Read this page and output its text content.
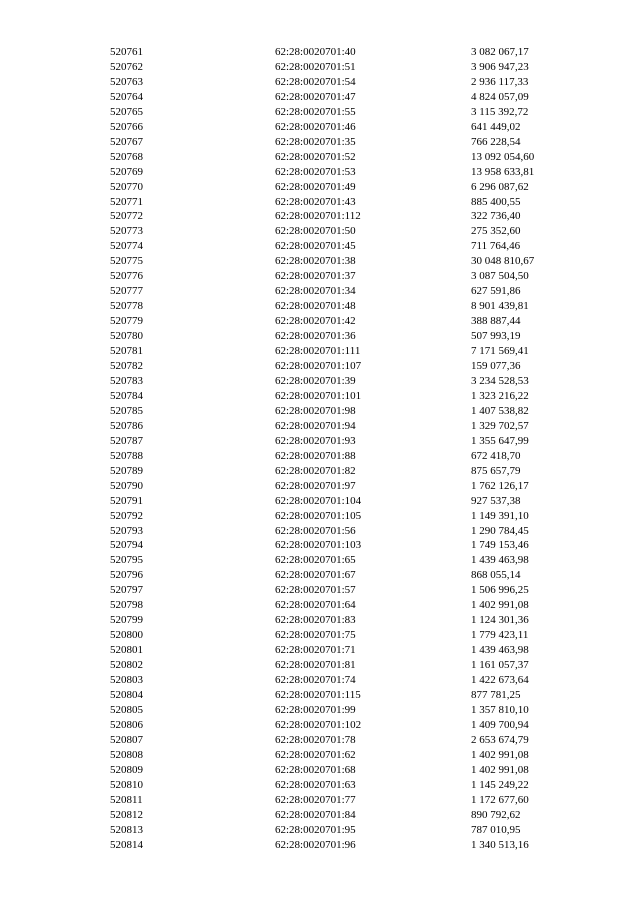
520761	62:28:0020701:40	3 082 067,17
520762	62:28:0020701:51	3 906 947,23
520763	62:28:0020701:54	2 936 117,33
520764	62:28:0020701:47	4 824 057,09
520765	62:28:0020701:55	3 115 392,72
520766	62:28:0020701:46	641 449,02
520767	62:28:0020701:35	766 228,54
520768	62:28:0020701:52	13 092 054,60
520769	62:28:0020701:53	13 958 633,81
520770	62:28:0020701:49	6 296 087,62
520771	62:28:0020701:43	885 400,55
520772	62:28:0020701:112	322 736,40
520773	62:28:0020701:50	275 352,60
520774	62:28:0020701:45	711 764,46
520775	62:28:0020701:38	30 048 810,67
520776	62:28:0020701:37	3 087 504,50
520777	62:28:0020701:34	627 591,86
520778	62:28:0020701:48	8 901 439,81
520779	62:28:0020701:42	388 887,44
520780	62:28:0020701:36	507 993,19
520781	62:28:0020701:111	7 171 569,41
520782	62:28:0020701:107	159 077,36
520783	62:28:0020701:39	3 234 528,53
520784	62:28:0020701:101	1 323 216,22
520785	62:28:0020701:98	1 407 538,82
520786	62:28:0020701:94	1 329 702,57
520787	62:28:0020701:93	1 355 647,99
520788	62:28:0020701:88	672 418,70
520789	62:28:0020701:82	875 657,79
520790	62:28:0020701:97	1 762 126,17
520791	62:28:0020701:104	927 537,38
520792	62:28:0020701:105	1 149 391,10
520793	62:28:0020701:56	1 290 784,45
520794	62:28:0020701:103	1 749 153,46
520795	62:28:0020701:65	1 439 463,98
520796	62:28:0020701:67	868 055,14
520797	62:28:0020701:57	1 506 996,25
520798	62:28:0020701:64	1 402 991,08
520799	62:28:0020701:83	1 124 301,36
520800	62:28:0020701:75	1 779 423,11
520801	62:28:0020701:71	1 439 463,98
520802	62:28:0020701:81	1 161 057,37
520803	62:28:0020701:74	1 422 673,64
520804	62:28:0020701:115	877 781,25
520805	62:28:0020701:99	1 357 810,10
520806	62:28:0020701:102	1 409 700,94
520807	62:28:0020701:78	2 653 674,79
520808	62:28:0020701:62	1 402 991,08
520809	62:28:0020701:68	1 402 991,08
520810	62:28:0020701:63	1 145 249,22
520811	62:28:0020701:77	1 172 677,60
520812	62:28:0020701:84	890 792,62
520813	62:28:0020701:95	787 010,95
520814	62:28:0020701:96	1 340 513,16
